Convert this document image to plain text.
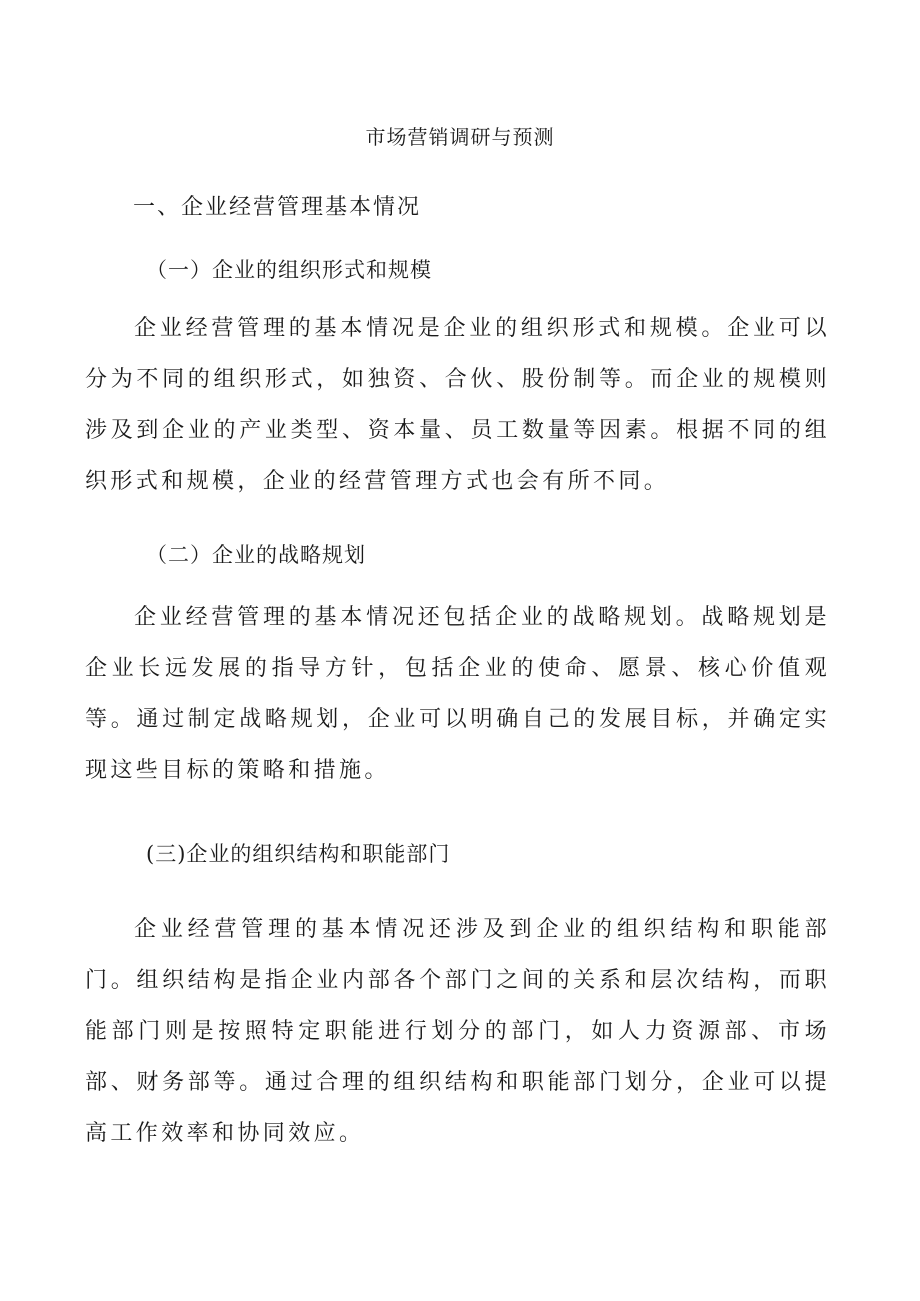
市场营销调研与预测
一、企业经营管理基本情况
（一）企业的组织形式和规模
企业经营管理的基本情况是企业的组织形式和规模。企业可以分为不同的组织形式，如独资、合伙、股份制等。而企业的规模则涉及到企业的产业类型、资本量、员工数量等因素。根据不同的组织形式和规模，企业的经营管理方式也会有所不同。
（二）企业的战略规划
企业经营管理的基本情况还包括企业的战略规划。战略规划是企业长远发展的指导方针，包括企业的使命、愿景、核心价值观等。通过制定战略规划，企业可以明确自己的发展目标，并确定实现这些目标的策略和措施。
(三)企业的组织结构和职能部门
企业经营管理的基本情况还涉及到企业的组织结构和职能部门。组织结构是指企业内部各个部门之间的关系和层次结构，而职能部门则是按照特定职能进行划分的部门，如人力资源部、市场部、财务部等。通过合理的组织结构和职能部门划分，企业可以提高工作效率和协同效应。
